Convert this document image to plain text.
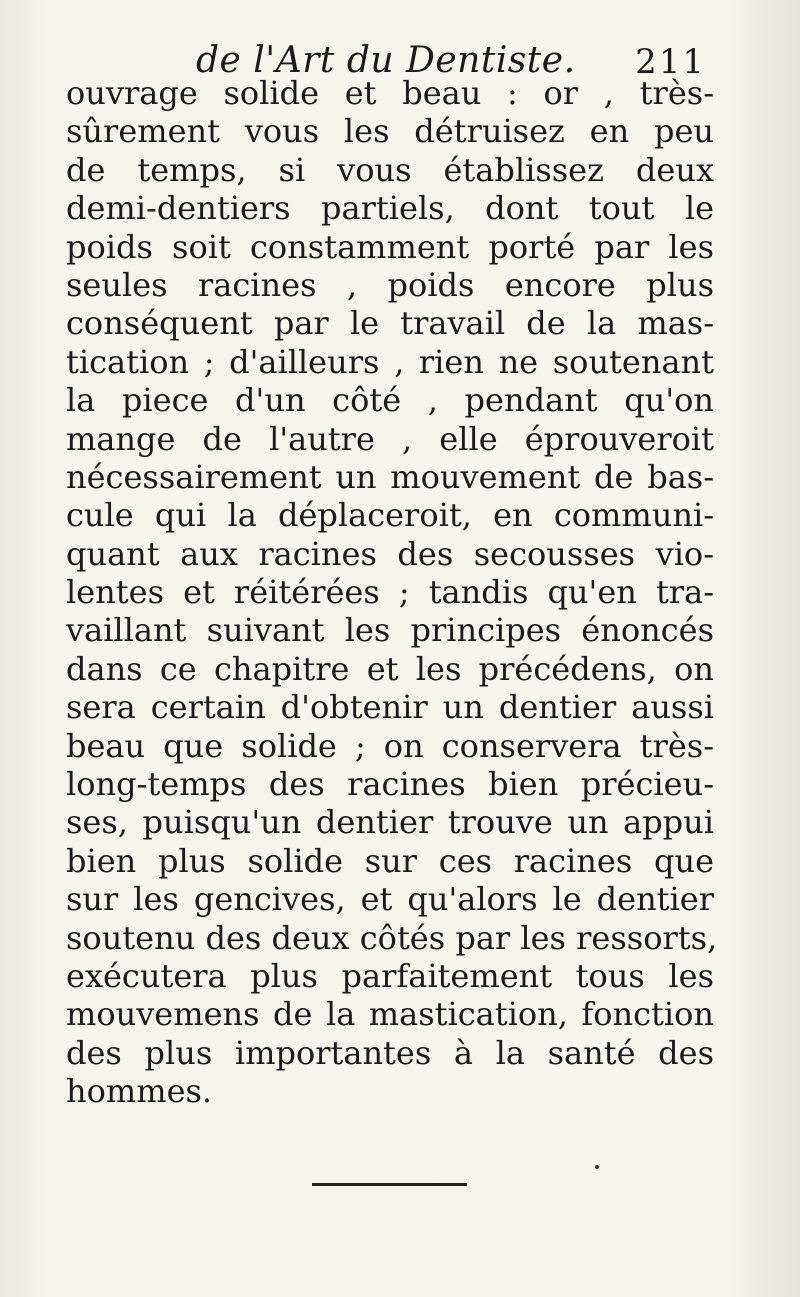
de l'Art du Dentiste. 211
ouvrage solide et beau : or , très-
sûrement vous les détruisez en peu
de temps, si vous établissez deux
demi-dentiers partiels, dont tout le
poids soit constamment porté par les
seules racines , poids encore plus
conséquent par le travail de la mas-
tication ; d'ailleurs , rien ne soutenant
la piece d'un côté , pendant qu'on
mange de l'autre , elle éprouveroit
nécessairement un mouvement de bas-
cule qui la déplaceroit, en communi-
quant aux racines des secousses vio-
lentes et réitérées ; tandis qu'en tra-
vaillant suivant les principes énoncés
dans ce chapitre et les précédens, on
sera certain d'obtenir un dentier aussi
beau que solide ; on conservera très-
long-temps des racines bien précieu-
ses, puisqu'un dentier trouve un appui
bien plus solide sur ces racines que
sur les gencives, et qu'alors le dentier
soutenu des deux côtés par les ressorts,
exécutera plus parfaitement tous les
mouvemens de la mastication, fonction
des plus importantes à la santé des
hommes.
